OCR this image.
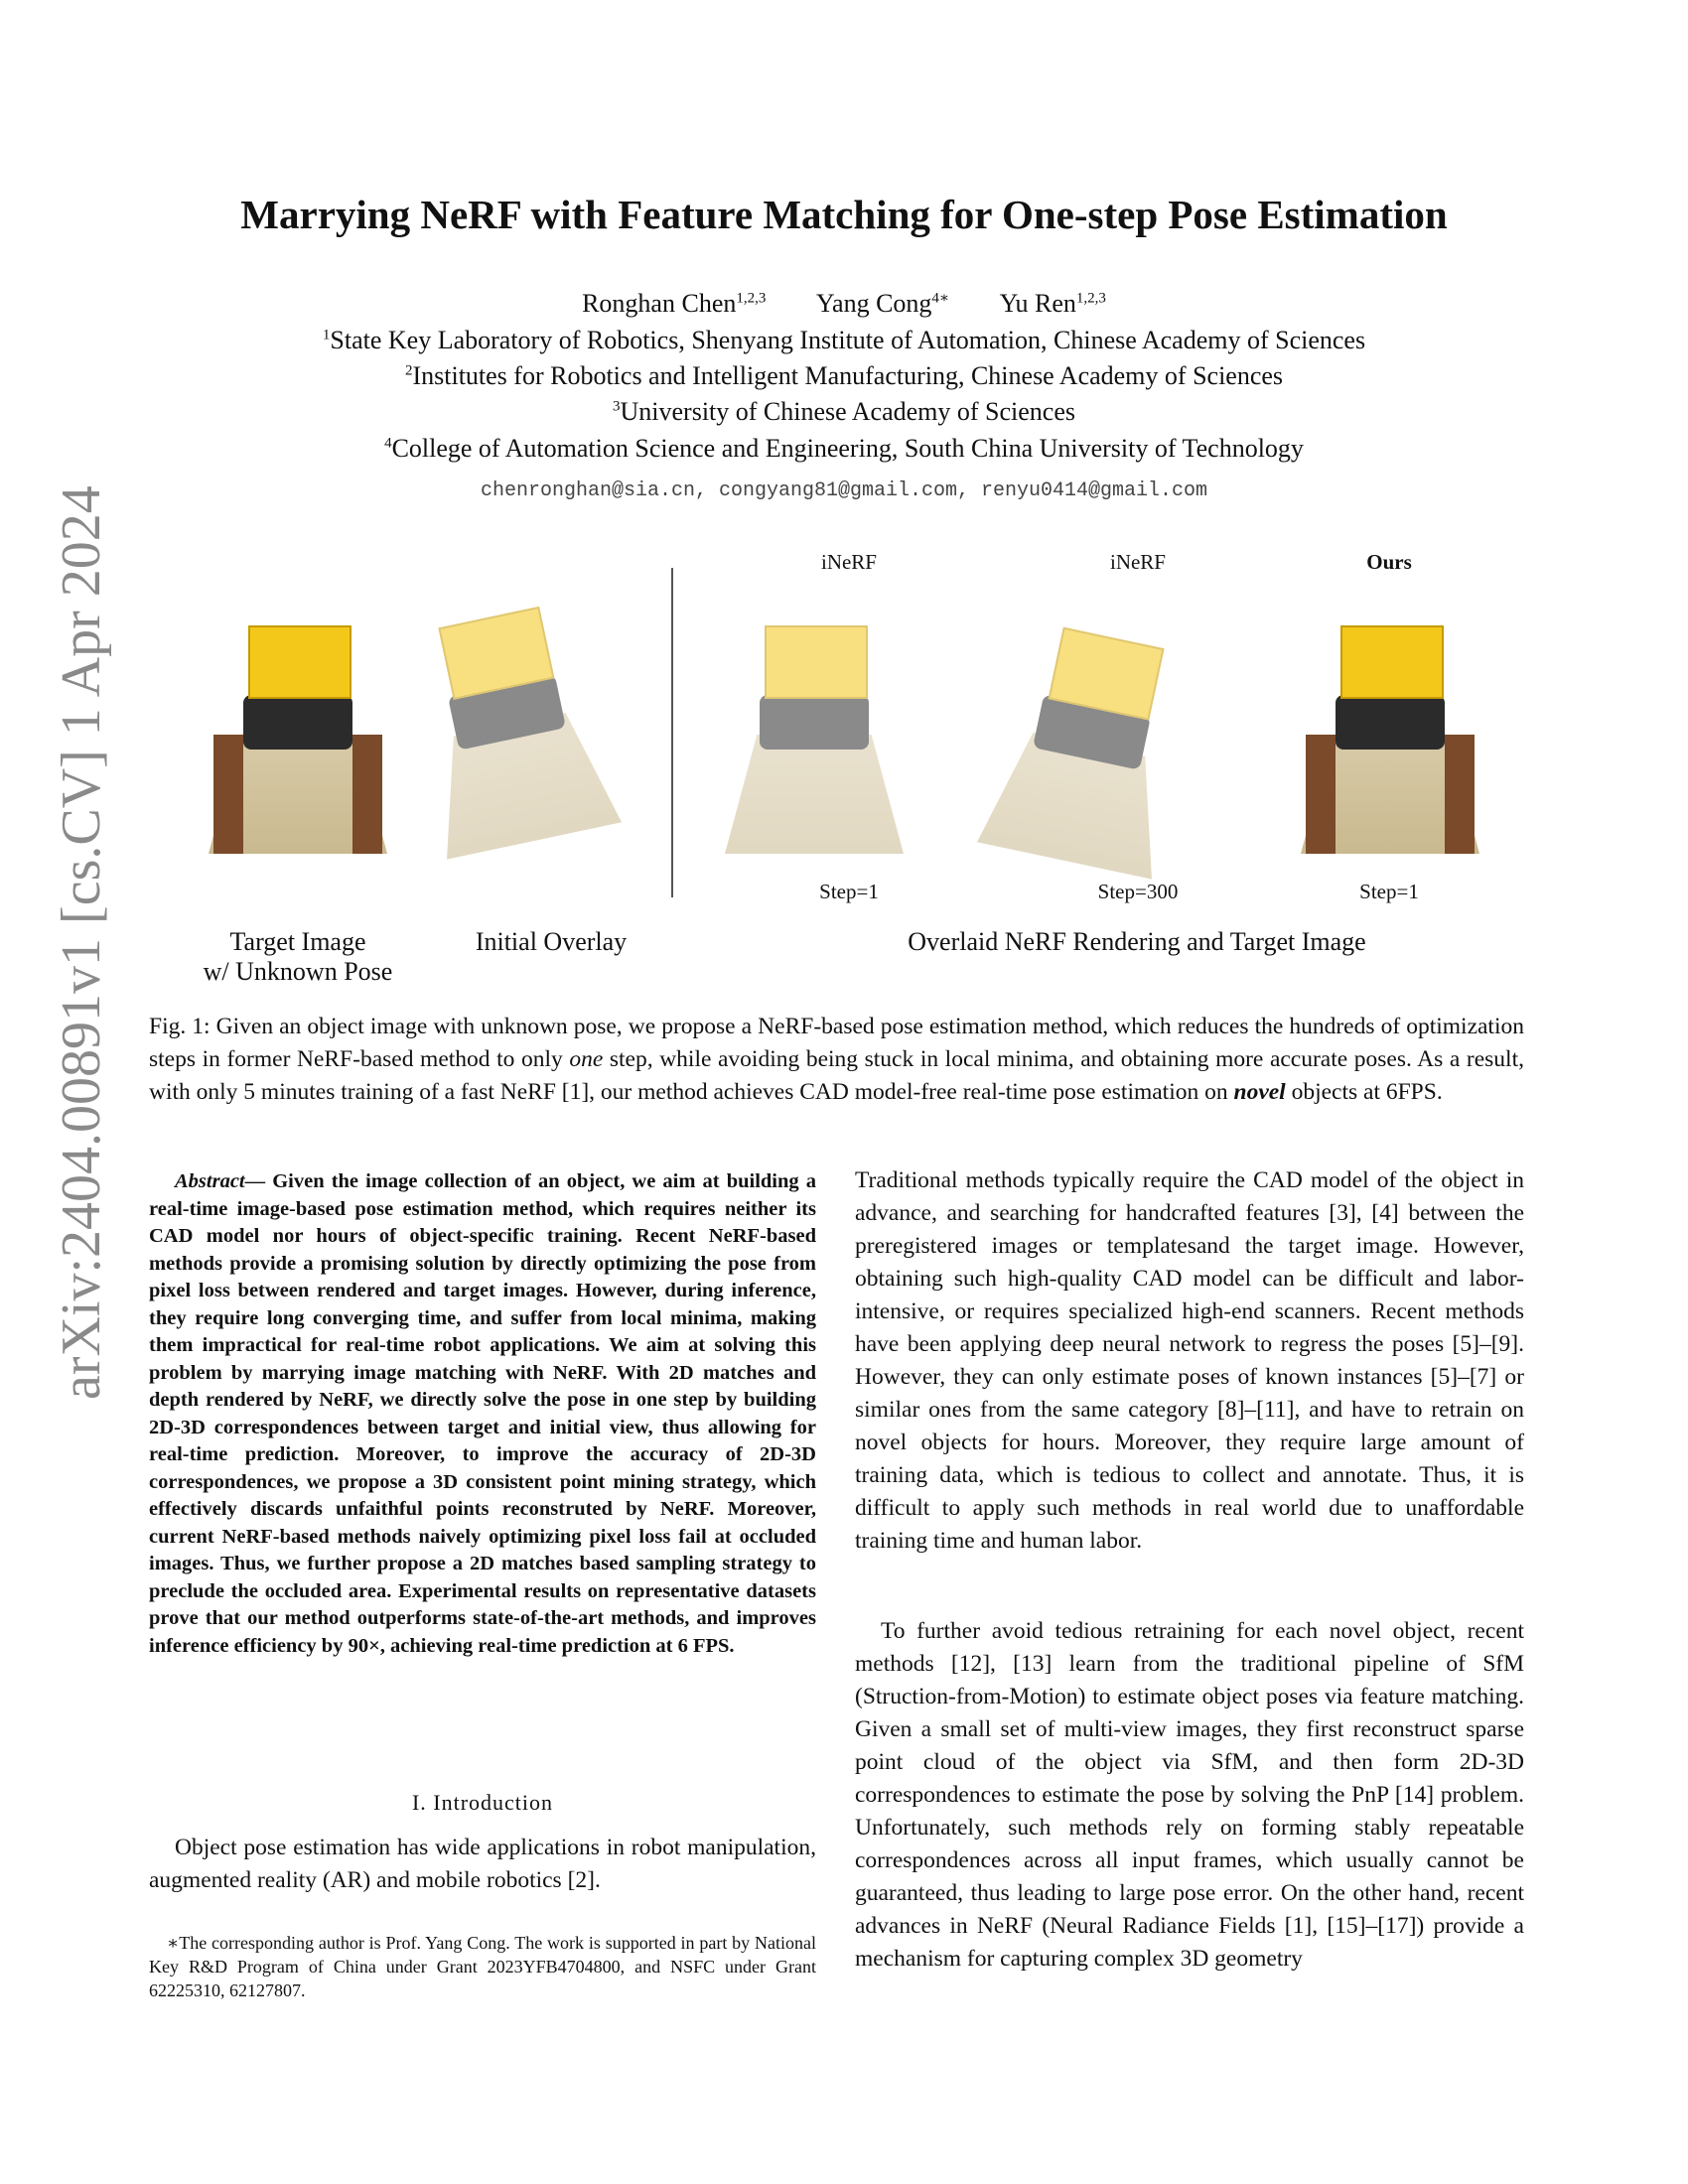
arXiv:2404.00891v1 [cs.CV] 1 Apr 2024
Marrying NeRF with Feature Matching for One-step Pose Estimation
Ronghan Chen$^{1,2,3}$ Yang Cong$^{4∗}$ Yu Ren$^{1,2,3}$
$^1$State Key Laboratory of Robotics, Shenyang Institute of Automation, Chinese Academy of Sciences
$^2$Institutes for Robotics and Intelligent Manufacturing, Chinese Academy of Sciences
$^3$University of Chinese Academy of Sciences
$^4$College of Automation Science and Engineering, South China University of Technology
chenronghan@sia.cn, congyang81@gmail.com, renyu0414@gmail.com
iNeRF	iNeRF	Ours
Step=1	Step=300	Step=1
Target Image
w/ Unknown Pose
Initial Overlay	Overlaid NeRF Rendering and Target Image
Fig. 1: Given an object image with unknown pose, we propose a NeRF-based pose estimation method, which reduces the hundreds of optimization steps in former NeRF-based method to only one step, while avoiding being stuck in local minima, and obtaining more accurate poses. As a result, with only 5 minutes training of a fast NeRF [1], our method achieves CAD model-free real-time pose estimation on novel objects at 6FPS.
Abstract— Given the image collection of an object, we aim at building a real-time image-based pose estimation method, which requires neither its CAD model nor hours of object-specific training. Recent NeRF-based methods provide a promising solution by directly optimizing the pose from pixel loss between rendered and target images. However, during inference, they require long converging time, and suffer from local minima, making them impractical for real-time robot applications. We aim at solving this problem by marrying image matching with NeRF. With 2D matches and depth rendered by NeRF, we directly solve the pose in one step by building 2D-3D correspondences between target and initial view, thus allowing for real-time prediction. Moreover, to improve the accuracy of 2D-3D correspondences, we propose a 3D consistent point mining strategy, which effectively discards unfaithful points reconstruted by NeRF. Moreover, current NeRF-based methods naively optimizing pixel loss fail at occluded images. Thus, we further propose a 2D matches based sampling strategy to preclude the occluded area. Experimental results on representative datasets prove that our method outperforms state-of-the-art methods, and improves inference efficiency by 90×, achieving real-time prediction at 6 FPS.
I. Introduction
Object pose estimation has wide applications in robot manipulation, augmented reality (AR) and mobile robotics [2].
∗The corresponding author is Prof. Yang Cong. The work is supported in part by National Key R&D Program of China under Grant 2023YFB4704800, and NSFC under Grant 62225310, 62127807.
Traditional methods typically require the CAD model of the object in advance, and searching for handcrafted features [3], [4] between the preregistered images or templatesand the target image. However, obtaining such high-quality CAD model can be difficult and labor-intensive, or requires specialized high-end scanners. Recent methods have been applying deep neural network to regress the poses [5]–[9]. However, they can only estimate poses of known instances [5]–[7] or similar ones from the same category [8]–[11], and have to retrain on novel objects for hours. Moreover, they require large amount of training data, which is tedious to collect and annotate. Thus, it is difficult to apply such methods in real world due to unaffordable training time and human labor.
To further avoid tedious retraining for each novel object, recent methods [12], [13] learn from the traditional pipeline of SfM (Struction-from-Motion) to estimate object poses via feature matching. Given a small set of multi-view images, they first reconstruct sparse point cloud of the object via SfM, and then form 2D-3D correspondences to estimate the pose by solving the PnP [14] problem. Unfortunately, such methods rely on forming stably repeatable correspondences across all input frames, which usually cannot be guaranteed, thus leading to large pose error. On the other hand, recent advances in NeRF (Neural Radiance Fields [1], [15]–[17]) provide a mechanism for capturing complex 3D geometry
